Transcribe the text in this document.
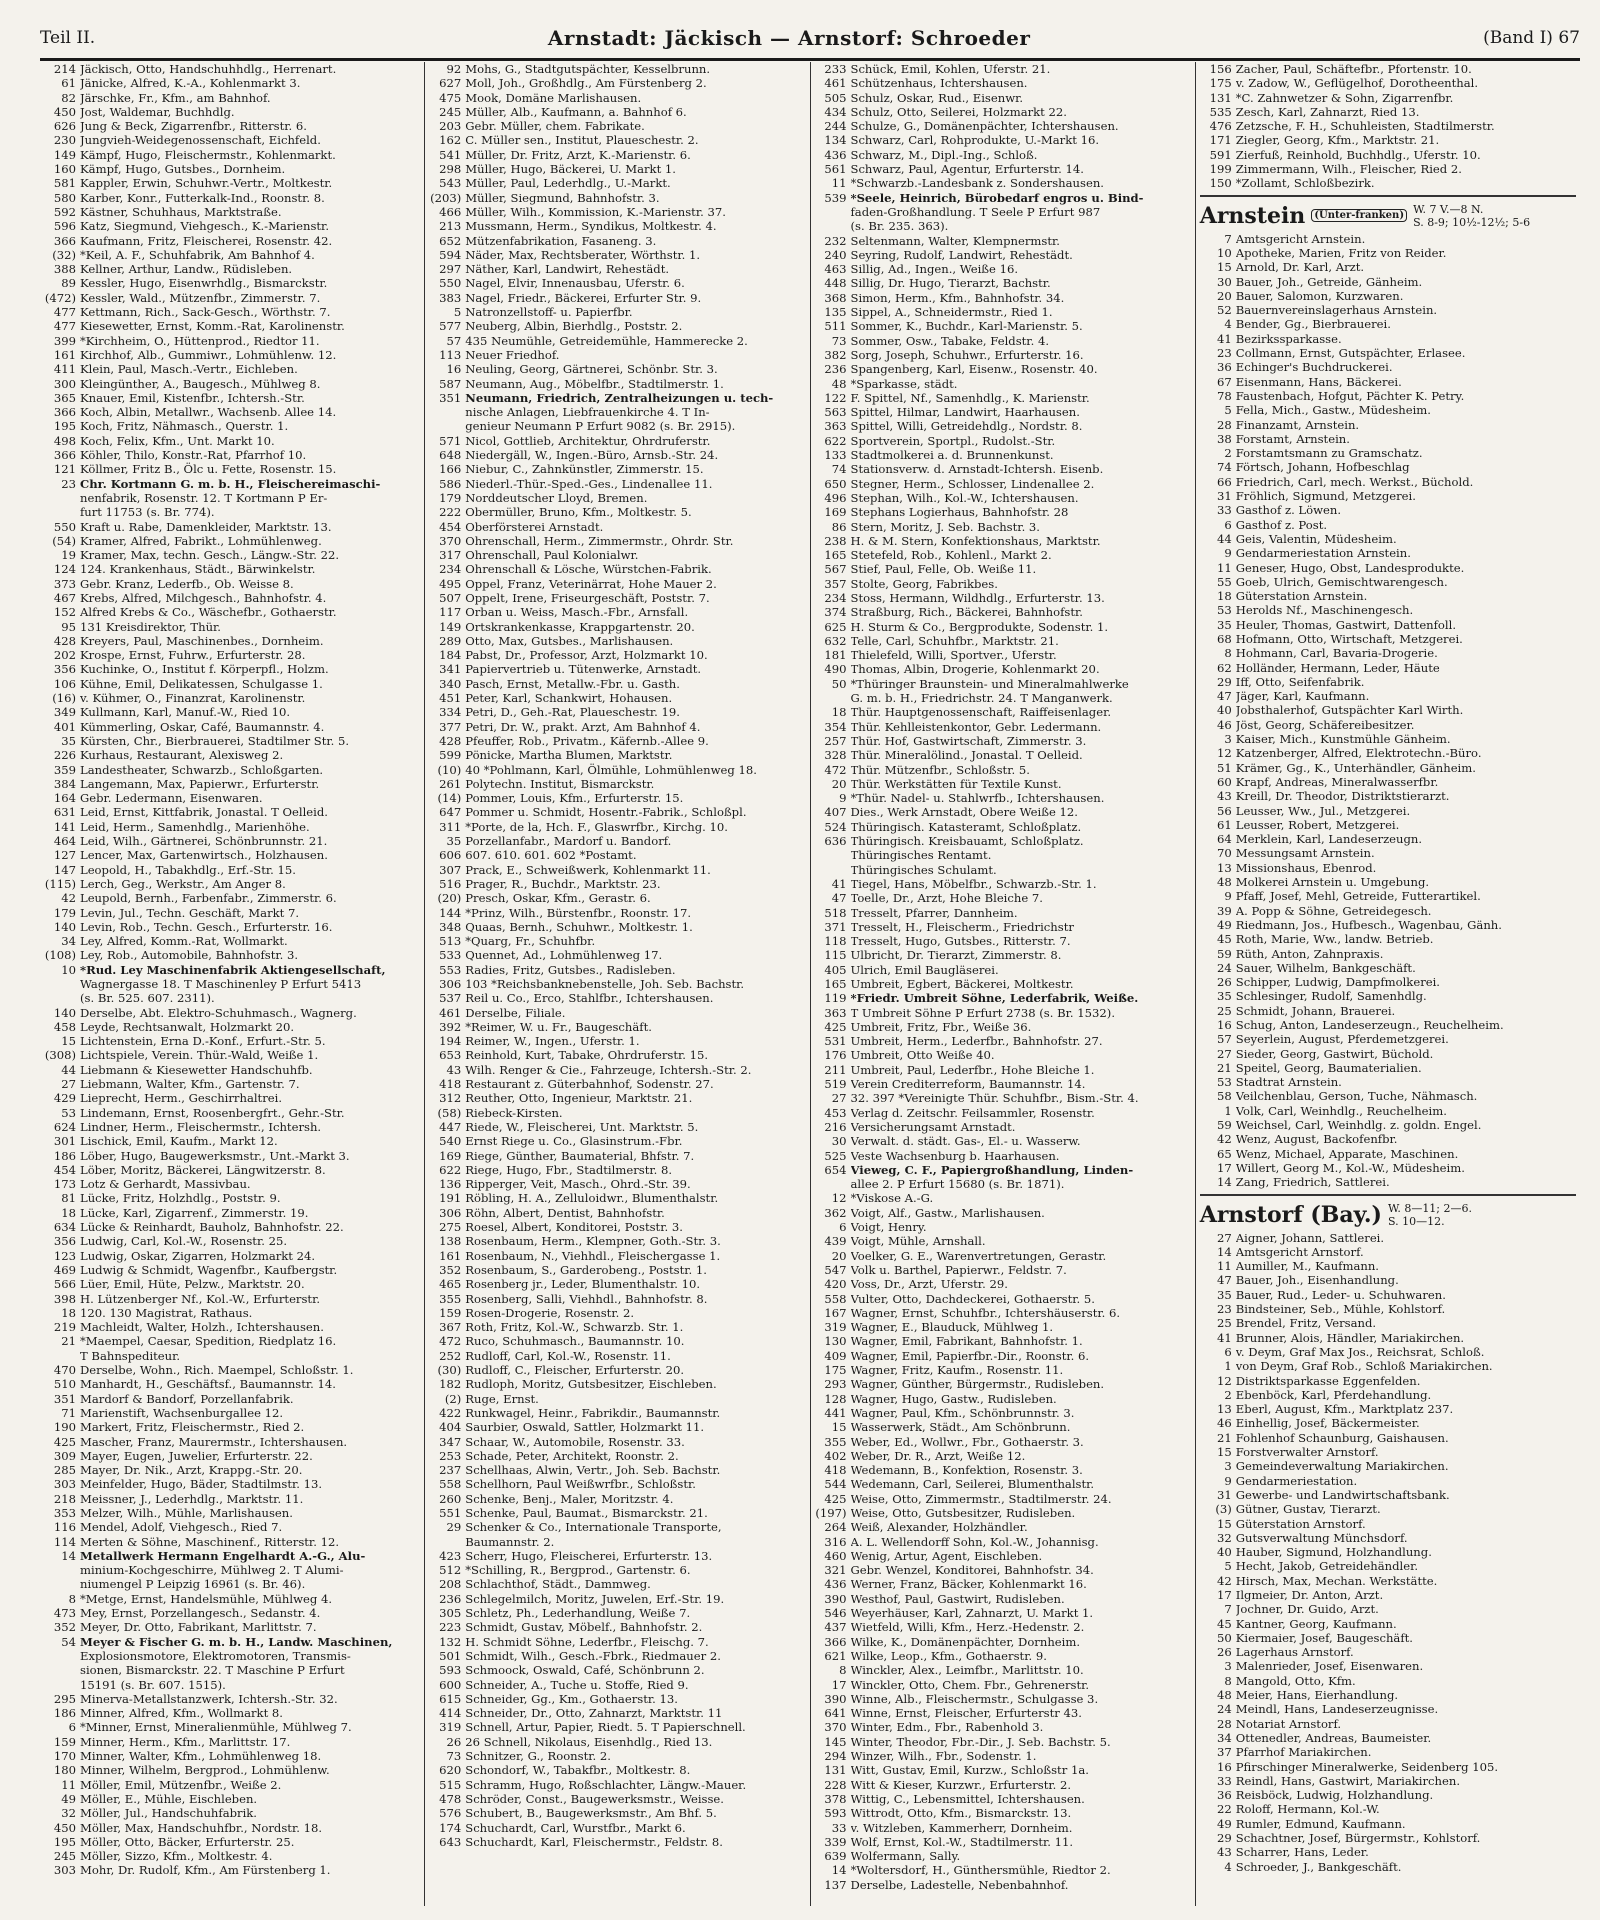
Teil II.	Arnstadt: Jäckisch — Arnstorf: Schroeder	(Band I) 67
214 Jäckisch, Otto, Handschuhhdlg., Herrenart.
61 Jänicke, Alfred, K.-A., Kohlenmarkt 3.
82 Järschke, Fr., Kfm., am Bahnhof.
450 Jost, Waldemar, Buchhdlg.
626 Jung & Beck, Zigarrenfbr., Ritterstr. 6.
230 Jungvieh-Weidegenossenschaft, Eichfeld.
149 Kämpf, Hugo, Fleischermstr., Kohlenmarkt.
160 Kämpf, Hugo, Gutsbes., Dornheim.
581 Kappler, Erwin, Schuhwr.-Vertr., Moltkestr.
580 Karber, Konr., Futterkalk-Ind., Roonstr. 8.
592 Kästner, Schuhhaus, Marktstraße.
596 Katz, Siegmund, Viehgesch., K.-Marienstr.
366 Kaufmann, Fritz, Fleischerei, Rosenstr. 42.
(32) *Keil, A. F., Schuhfabrik, Am Bahnhof 4.
388 Kellner, Arthur, Landw., Rüdisleben.
89 Kessler, Hugo, Eisenwrhdlg., Bismarckstr.
(472) Kessler, Wald., Mützenfbr., Zimmerstr. 7.
477 Kettmann, Rich., Sack-Gesch., Wörthstr. 7.
477 Kiesewetter, Ernst, Komm.-Rat, Karolinenstr.
399 *Kirchheim, O., Hüttenprod., Riedtor 11.
161 Kirchhof, Alb., Gummiwr., Lohmühlenw. 12.
411 Klein, Paul, Masch.-Vertr., Eichleben.
300 Kleingünther, A., Baugesch., Mühlweg 8.
365 Knauer, Emil, Kistenfbr., Ichtersh.-Str.
366 Koch, Albin, Metallwr., Wachsenb. Allee 14.
195 Koch, Fritz, Nähmasch., Querstr. 1.
498 Koch, Felix, Kfm., Unt. Markt 10.
366 Köhler, Thilo, Konstr.-Rat, Pfarrhof 10.
121 Köllmer, Fritz B., Ölc u. Fette, Rosenstr. 15.
23 Chr. Kortmann G. m. b. H., Fleischereimaschi-
nenfabrik, Rosenstr. 12. T Kortmann P Er-
furt 11753 (s. Br. 774).
550 Kraft u. Rabe, Damenkleider, Marktstr. 13.
(54) Kramer, Alfred, Fabrikt., Lohmühlenweg.
19 Kramer, Max, techn. Gesch., Längw.-Str. 22.
124 124. Krankenhaus, Städt., Bärwinkelstr.
373 Gebr. Kranz, Lederfb., Ob. Weisse 8.
467 Krebs, Alfred, Milchgesch., Bahnhofstr. 4.
152 Alfred Krebs & Co., Wäschefbr., Gothaerstr.
95 131 Kreisdirektor, Thür.
428 Kreyers, Paul, Maschinenbes., Dornheim.
202 Krospe, Ernst, Fuhrw., Erfurterstr. 28.
356 Kuchinke, O., Institut f. Körperpfl., Holzm.
106 Kühne, Emil, Delikatessen, Schulgasse 1.
(16) v. Kühmer, O., Finanzrat, Karolinenstr.
349 Kullmann, Karl, Manuf.-W., Ried 10.
401 Kümmerling, Oskar, Café, Baumannstr. 4.
35 Kürsten, Chr., Bierbrauerei, Stadtilmer Str. 5.
226 Kurhaus, Restaurant, Alexisweg 2.
359 Landestheater, Schwarzb., Schloßgarten.
384 Langemann, Max, Papierwr., Erfurterstr.
164 Gebr. Ledermann, Eisenwaren.
631 Leid, Ernst, Kittfabrik, Jonastal. T Oelleid.
141 Leid, Herm., Samenhdlg., Marienhöhe.
464 Leid, Wilh., Gärtnerei, Schönbrunnstr. 21.
127 Lencer, Max, Gartenwirtsch., Holzhausen.
147 Leopold, H., Tabakhdlg., Erf.-Str. 15.
(115) Lerch, Geg., Werkstr., Am Anger 8.
42 Leupold, Bernh., Farbenfabr., Zimmerstr. 6.
179 Levin, Jul., Techn. Geschäft, Markt 7.
140 Levin, Rob., Techn. Gesch., Erfurterstr. 16.
34 Ley, Alfred, Komm.-Rat, Wollmarkt.
(108) Ley, Rob., Automobile, Bahnhofstr. 3.
10 *Rud. Ley Maschinenfabrik Aktiengesellschaft,
Wagnergasse 18. T Maschinenley P Erfurt 5413
(s. Br. 525. 607. 2311).
140 Derselbe, Abt. Elektro-Schuhmasch., Wagnerg.
458 Leyde, Rechtsanwalt, Holzmarkt 20.
15 Lichtenstein, Erna D.-Konf., Erfurt.-Str. 5.
(308) Lichtspiele, Verein. Thür.-Wald, Weiße 1.
44 Liebmann & Kiesewetter Handschuhfb.
27 Liebmann, Walter, Kfm., Gartenstr. 7.
429 Lieprecht, Herm., Geschirrhaltrei.
53 Lindemann, Ernst, Roosenbergfrt., Gehr.-Str.
624 Lindner, Herm., Fleischermstr., Ichtersh.
301 Lischick, Emil, Kaufm., Markt 12.
186 Löber, Hugo, Baugewerksmstr., Unt.-Markt 3.
454 Löber, Moritz, Bäckerei, Längwitzerstr. 8.
173 Lotz & Gerhardt, Massivbau.
81 Lücke, Fritz, Holzhdlg., Poststr. 9.
18 Lücke, Karl, Zigarrenf., Zimmerstr. 19.
634 Lücke & Reinhardt, Bauholz, Bahnhofstr. 22.
356 Ludwig, Carl, Kol.-W., Rosenstr. 25.
123 Ludwig, Oskar, Zigarren, Holzmarkt 24.
469 Ludwig & Schmidt, Wagenfbr., Kaufbergstr.
566 Lüer, Emil, Hüte, Pelzw., Marktstr. 20.
398 H. Lützenberger Nf., Kol.-W., Erfurterstr.
18 120. 130 Magistrat, Rathaus.
219 Machleidt, Walter, Holzh., Ichtershausen.
21 *Maempel, Caesar, Spedition, Riedplatz 16.
T Bahnspediteur.
470 Derselbe, Wohn., Rich. Maempel, Schloßstr. 1.
510 Manhardt, H., Geschäftsf., Baumannstr. 14.
351 Mardorf & Bandorf, Porzellanfabrik.
71 Marienstift, Wachsenburgallee 12.
190 Markert, Fritz, Fleischermstr., Ried 2.
425 Mascher, Franz, Maurermstr., Ichtershausen.
309 Mayer, Eugen, Juwelier, Erfurterstr. 22.
285 Mayer, Dr. Nik., Arzt, Krappg.-Str. 20.
303 Meinfelder, Hugo, Bäder, Stadtilmstr. 13.
218 Meissner, J., Lederhdlg., Marktstr. 11.
353 Melzer, Wilh., Mühle, Marlishausen.
116 Mendel, Adolf, Viehgesch., Ried 7.
114 Merten & Söhne, Maschinenf., Ritterstr. 12.
14 Metallwerk Hermann Engelhardt A.-G., Alu-
minium-Kochgeschirre, Mühlweg 2. T Alumi-
niumengel P Leipzig 16961 (s. Br. 46).
8 *Metge, Ernst, Handelsmühle, Mühlweg 4.
473 Mey, Ernst, Porzellangesch., Sedanstr. 4.
352 Meyer, Dr. Otto, Fabrikant, Marlittstr. 7.
54 Meyer & Fischer G. m. b. H., Landw. Maschinen,
Explosionsmotore, Elektromotoren, Transmis-
sionen, Bismarckstr. 22. T Maschine P Erfurt
15191 (s. Br. 607. 1515).
295 Minerva-Metallstanzwerk, Ichtersh.-Str. 32.
186 Minner, Alfred, Kfm., Wollmarkt 8.
6 *Minner, Ernst, Mineralienmühle, Mühlweg 7.
159 Minner, Herm., Kfm., Marlittstr. 17.
170 Minner, Walter, Kfm., Lohmühlenweg 18.
180 Minner, Wilhelm, Bergprod., Lohmühlenw.
11 Möller, Emil, Mützenfbr., Weiße 2.
49 Möller, E., Mühle, Eischleben.
32 Möller, Jul., Handschuhfabrik.
450 Möller, Max, Handschuhfbr., Nordstr. 18.
195 Möller, Otto, Bäcker, Erfurterstr. 25.
245 Möller, Sizzo, Kfm., Moltkestr. 4.
303 Mohr, Dr. Rudolf, Kfm., Am Fürstenberg 1.
92 Mohs, G., Stadtgutspächter, Kesselbrunn.
627 Moll, Joh., Großhdlg., Am Fürstenberg 2.
475 Mook, Domäne Marlishausen.
245 Müller, Alb., Kaufmann, a. Bahnhof 6.
203 Gebr. Müller, chem. Fabrikate.
162 C. Müller sen., Institut, Plaueschestr. 2.
541 Müller, Dr. Fritz, Arzt, K.-Marienstr. 6.
298 Müller, Hugo, Bäckerei, U. Markt 1.
543 Müller, Paul, Lederhdlg., U.-Markt.
(203) Müller, Siegmund, Bahnhofstr. 3.
466 Müller, Wilh., Kommission, K.-Marienstr. 37.
213 Mussmann, Herm., Syndikus, Moltkestr. 4.
652 Mützenfabrikation, Fasaneng. 3.
594 Näder, Max, Rechtsberater, Wörthstr. 1.
297 Näther, Karl, Landwirt, Rehestädt.
550 Nagel, Elvir, Innenausbau, Uferstr. 6.
383 Nagel, Friedr., Bäckerei, Erfurter Str. 9.
5 Natronzellstoff- u. Papierfbr.
577 Neuberg, Albin, Bierhdlg., Poststr. 2.
57 435 Neumühle, Getreidemühle, Hammerecke 2.
113 Neuer Friedhof.
16 Neuling, Georg, Gärtnerei, Schönbr. Str. 3.
587 Neumann, Aug., Möbelfbr., Stadtilmerstr. 1.
351 Neumann, Friedrich, Zentralheizungen u. tech-
nische Anlagen, Liebfrauenkirche 4. T In-
genieur Neumann P Erfurt 9082 (s. Br. 2915).
571 Nicol, Gottlieb, Architektur, Ohrdruferstr.
648 Niedergäll, W., Ingen.-Büro, Arnsb.-Str. 24.
166 Niebur, C., Zahnkünstler, Zimmerstr. 15.
586 Niederl.-Thür.-Sped.-Ges., Lindenallee 11.
179 Norddeutscher Lloyd, Bremen.
222 Obermüller, Bruno, Kfm., Moltkestr. 5.
454 Oberförsterei Arnstadt.
370 Ohrenschall, Herm., Zimmermstr., Ohrdr. Str.
317 Ohrenschall, Paul Kolonialwr.
234 Ohrenschall & Lösche, Würstchen-Fabrik.
495 Oppel, Franz, Veterinärrat, Hohe Mauer 2.
507 Oppelt, Irene, Friseurgeschäft, Poststr. 7.
117 Orban u. Weiss, Masch.-Fbr., Arnsfall.
149 Ortskrankenkasse, Krappgartenstr. 20.
289 Otto, Max, Gutsbes., Marlishausen.
184 Pabst, Dr., Professor, Arzt, Holzmarkt 10.
341 Papiervertrieb u. Tütenwerke, Arnstadt.
340 Pasch, Ernst, Metallw.-Fbr. u. Gasth.
451 Peter, Karl, Schankwirt, Hohausen.
334 Petri, D., Geh.-Rat, Plaueschestr. 19.
377 Petri, Dr. W., prakt. Arzt, Am Bahnhof 4.
428 Pfeuffer, Rob., Privatm., Käfernb.-Allee 9.
599 Pönicke, Martha Blumen, Marktstr.
(10) 40 *Pohlmann, Karl, Ölmühle, Lohmühlenweg 18.
261 Polytechn. Institut, Bismarckstr.
(14) Pommer, Louis, Kfm., Erfurterstr. 15.
647 Pommer u. Schmidt, Hosentr.-Fabrik., Schloßpl.
311 *Porte, de la, Hch. F., Glaswrfbr., Kirchg. 10.
35 Porzellanfabr., Mardorf u. Bandorf.
606 607. 610. 601. 602 *Postamt.
307 Prack, E., Schweißwerk, Kohlenmarkt 11.
516 Prager, R., Buchdr., Marktstr. 23.
(20) Presch, Oskar, Kfm., Gerastr. 6.
144 *Prinz, Wilh., Bürstenfbr., Roonstr. 17.
348 Quaas, Bernh., Schuhwr., Moltkestr. 1.
513 *Quarg, Fr., Schuhfbr.
533 Quennet, Ad., Lohmühlenweg 17.
553 Radies, Fritz, Gutsbes., Radisleben.
306 103 *Reichsbanknebenstelle, Joh. Seb. Bachstr.
537 Reil u. Co., Erco, Stahlfbr., Ichtershausen.
461 Derselbe, Filiale.
392 *Reimer, W. u. Fr., Baugeschäft.
194 Reimer, W., Ingen., Uferstr. 1.
653 Reinhold, Kurt, Tabake, Ohrdruferstr. 15.
43 Wilh. Renger & Cie., Fahrzeuge, Ichtersh.-Str. 2.
418 Restaurant z. Güterbahnhof, Sodenstr. 27.
312 Reuther, Otto, Ingenieur, Marktstr. 21.
(58) Riebeck-Kirsten.
447 Riede, W., Fleischerei, Unt. Marktstr. 5.
540 Ernst Riege u. Co., Glasinstrum.-Fbr.
169 Riege, Günther, Baumaterial, Bhfstr. 7.
622 Riege, Hugo, Fbr., Stadtilmerstr. 8.
136 Ripperger, Veit, Masch., Ohrd.-Str. 39.
191 Röbling, H. A., Zelluloidwr., Blumenthalstr.
306 Röhn, Albert, Dentist, Bahnhofstr.
275 Roesel, Albert, Konditorei, Poststr. 3.
138 Rosenbaum, Herm., Klempner, Goth.-Str. 3.
161 Rosenbaum, N., Viehhdl., Fleischergasse 1.
352 Rosenbaum, S., Garderobeng., Poststr. 1.
465 Rosenberg jr., Leder, Blumenthalstr. 10.
355 Rosenberg, Salli, Viehhdl., Bahnhofstr. 8.
159 Rosen-Drogerie, Rosenstr. 2.
367 Roth, Fritz, Kol.-W., Schwarzb. Str. 1.
472 Ruco, Schuhmasch., Baumannstr. 10.
252 Rudloff, Carl, Kol.-W., Rosenstr. 11.
(30) Rudloff, C., Fleischer, Erfurterstr. 20.
182 Rudloph, Moritz, Gutsbesitzer, Eischleben.
(2) Ruge, Ernst.
422 Runkwagel, Heinr., Fabrikdir., Baumannstr.
404 Saurbier, Oswald, Sattler, Holzmarkt 11.
347 Schaar, W., Automobile, Rosenstr. 33.
253 Schade, Peter, Architekt, Roonstr. 2.
237 Schellhaas, Alwin, Vertr., Joh. Seb. Bachstr.
558 Schellhorn, Paul Weißwrfbr., Schloßstr.
260 Schenke, Benj., Maler, Moritzstr. 4.
551 Schenke, Paul, Baumat., Bismarckstr. 21.
29 Schenker & Co., Internationale Transporte,
Baumannstr. 2.
423 Scherr, Hugo, Fleischerei, Erfurterstr. 13.
512 *Schilling, R., Bergprod., Gartenstr. 6.
208 Schlachthof, Städt., Dammweg.
236 Schlegelmilch, Moritz, Juwelen, Erf.-Str. 19.
305 Schletz, Ph., Lederhandlung, Weiße 7.
223 Schmidt, Gustav, Möbelf., Bahnhofstr. 2.
132 H. Schmidt Söhne, Lederfbr., Fleischg. 7.
501 Schmidt, Wilh., Gesch.-Fbrk., Riedmauer 2.
593 Schmoock, Oswald, Café, Schönbrunn 2.
600 Schneider, A., Tuche u. Stoffe, Ried 9.
615 Schneider, Gg., Km., Gothaerstr. 13.
414 Schneider, Dr., Otto, Zahnarzt, Marktstr. 11
319 Schnell, Artur, Papier, Riedt. 5. T Papierschnell.
26 26 Schnell, Nikolaus, Eisenhdlg., Ried 13.
73 Schnitzer, G., Roonstr. 2.
620 Schondorf, W., Tabakfbr., Moltkestr. 8.
515 Schramm, Hugo, Roßschlachter, Längw.-Mauer.
478 Schröder, Const., Baugewerksmstr., Weisse.
576 Schubert, B., Baugewerksmstr., Am Bhf. 5.
174 Schuchardt, Carl, Wurstfbr., Markt 6.
643 Schuchardt, Karl, Fleischermstr., Feldstr. 8.
233 Schück, Emil, Kohlen, Uferstr. 21.
461 Schützenhaus, Ichtershausen.
505 Schulz, Oskar, Rud., Eisenwr.
434 Schulz, Otto, Seilerei, Holzmarkt 22.
244 Schulze, G., Domänenpächter, Ichtershausen.
134 Schwarz, Carl, Rohprodukte, U.-Markt 16.
436 Schwarz, M., Dipl.-Ing., Schloß.
561 Schwarz, Paul, Agentur, Erfurterstr. 14.
11 *Schwarzb.-Landesbank z. Sondershausen.
539 *Seele, Heinrich, Bürobedarf engros u. Bind-
faden-Großhandlung. T Seele P Erfurt 987
(s. Br. 235. 363).
232 Seltenmann, Walter, Klempnermstr.
240 Seyring, Rudolf, Landwirt, Rehestädt.
463 Sillig, Ad., Ingen., Weiße 16.
448 Sillig, Dr. Hugo, Tierarzt, Bachstr.
368 Simon, Herm., Kfm., Bahnhofstr. 34.
135 Sippel, A., Schneidermstr., Ried 1.
511 Sommer, K., Buchdr., Karl-Marienstr. 5.
73 Sommer, Osw., Tabake, Feldstr. 4.
382 Sorg, Joseph, Schuhwr., Erfurterstr. 16.
236 Spangenberg, Karl, Eisenw., Rosenstr. 40.
48 *Sparkasse, städt.
122 F. Spittel, Nf., Samenhdlg., K. Marienstr.
563 Spittel, Hilmar, Landwirt, Haarhausen.
363 Spittel, Willi, Getreidehdlg., Nordstr. 8.
622 Sportverein, Sportpl., Rudolst.-Str.
133 Stadtmolkerei a. d. Brunnenkunst.
74 Stationsverw. d. Arnstadt-Ichtersh. Eisenb.
650 Stegner, Herm., Schlosser, Lindenallee 2.
496 Stephan, Wilh., Kol.-W., Ichtershausen.
169 Stephans Logierhaus, Bahnhofstr. 28
86 Stern, Moritz, J. Seb. Bachstr. 3.
238 H. & M. Stern, Konfektionshaus, Marktstr.
165 Stetefeld, Rob., Kohlenl., Markt 2.
567 Stief, Paul, Felle, Ob. Weiße 11.
357 Stolte, Georg, Fabrikbes.
234 Stoss, Hermann, Wildhdlg., Erfurterstr. 13.
374 Straßburg, Rich., Bäckerei, Bahnhofstr.
625 H. Sturm & Co., Bergprodukte, Sodenstr. 1.
632 Telle, Carl, Schuhfbr., Marktstr. 21.
181 Thielefeld, Willi, Sportver., Uferstr.
490 Thomas, Albin, Drogerie, Kohlenmarkt 20.
50 *Thüringer Braunstein- und Mineralmahlwerke
G. m. b. H., Friedrichstr. 24. T Manganwerk.
18 Thür. Hauptgenossenschaft, Raiffeisenlager.
354 Thür. Kehlleistenkontor, Gebr. Ledermann.
257 Thür. Hof, Gastwirtschaft, Zimmerstr. 3.
328 Thür. Mineralölind., Jonastal. T Oelleid.
472 Thür. Mützenfbr., Schloßstr. 5.
20 Thür. Werkstätten für Textile Kunst.
9 *Thür. Nadel- u. Stahlwrfb., Ichtershausen.
407 Dies., Werk Arnstadt, Obere Weiße 12.
524 Thüringisch. Katasteramt, Schloßplatz.
636 Thüringisch. Kreisbauamt, Schloßplatz.
Thüringisches Rentamt.
Thüringisches Schulamt.
41 Tiegel, Hans, Möbelfbr., Schwarzb.-Str. 1.
47 Toelle, Dr., Arzt, Hohe Bleiche 7.
518 Tresselt, Pfarrer, Dannheim.
371 Tresselt, H., Fleischerm., Friedrichstr
118 Tresselt, Hugo, Gutsbes., Ritterstr. 7.
115 Ulbricht, Dr. Tierarzt, Zimmerstr. 8.
405 Ulrich, Emil Baugläserei.
165 Umbreit, Egbert, Bäckerei, Moltkestr.
119 *Friedr. Umbreit Söhne, Lederfabrik, Weiße.
363 T Umbreit Söhne P Erfurt 2738 (s. Br. 1532).
425 Umbreit, Fritz, Fbr., Weiße 36.
531 Umbreit, Herm., Lederfbr., Bahnhofstr. 27.
176 Umbreit, Otto Weiße 40.
211 Umbreit, Paul, Lederfbr., Hohe Bleiche 1.
519 Verein Crediterreform, Baumannstr. 14.
27 32. 397 *Vereinigte Thür. Schuhfbr., Bism.-Str. 4.
453 Verlag d. Zeitschr. Feilsammler, Rosenstr.
216 Versicherungsamt Arnstadt.
30 Verwalt. d. städt. Gas-, El.- u. Wasserw.
525 Veste Wachsenburg b. Haarhausen.
654 Vieweg, C. F., Papiergroßhandlung, Linden-
allee 2. P Erfurt 15680 (s. Br. 1871).
12 *Viskose A.-G.
362 Voigt, Alf., Gastw., Marlishausen.
6 Voigt, Henry.
439 Voigt, Mühle, Arnshall.
20 Voelker, G. E., Warenvertretungen, Gerastr.
547 Volk u. Barthel, Papierwr., Feldstr. 7.
420 Voss, Dr., Arzt, Uferstr. 29.
558 Vulter, Otto, Dachdeckerei, Gothaerstr. 5.
167 Wagner, Ernst, Schuhfbr., Ichtershäuserstr. 6.
319 Wagner, E., Blauduck, Mühlweg 1.
130 Wagner, Emil, Fabrikant, Bahnhofstr. 1.
409 Wagner, Emil, Papierfbr.-Dir., Roonstr. 6.
175 Wagner, Fritz, Kaufm., Rosenstr. 11.
293 Wagner, Günther, Bürgermstr., Rudisleben.
128 Wagner, Hugo, Gastw., Rudisleben.
441 Wagner, Paul, Kfm., Schönbrunnstr. 3.
15 Wasserwerk, Städt., Am Schönbrunn.
355 Weber, Ed., Wollwr., Fbr., Gothaerstr. 3.
402 Weber, Dr. R., Arzt, Weiße 12.
418 Wedemann, B., Konfektion, Rosenstr. 3.
544 Wedemann, Carl, Seilerei, Blumenthalstr.
425 Weise, Otto, Zimmermstr., Stadtilmerstr. 24.
(197) Weise, Otto, Gutsbesitzer, Rudisleben.
264 Weiß, Alexander, Holzhändler.
316 A. L. Wellendorff Sohn, Kol.-W., Johannisg.
460 Wenig, Artur, Agent, Eischleben.
321 Gebr. Wenzel, Konditorei, Bahnhofstr. 34.
436 Werner, Franz, Bäcker, Kohlenmarkt 16.
390 Westhof, Paul, Gastwirt, Rudisleben.
546 Weyerhäuser, Karl, Zahnarzt, U. Markt 1.
437 Wietfeld, Willi, Kfm., Herz.-Hedenstr. 2.
366 Wilke, K., Domänenpächter, Dornheim.
621 Wilke, Leop., Kfm., Gothaerstr. 9.
8 Winckler, Alex., Leimfbr., Marlittstr. 10.
17 Winckler, Otto, Chem. Fbr., Gehrenerstr.
390 Winne, Alb., Fleischermstr., Schulgasse 3.
641 Winne, Ernst, Fleischer, Erfurterstr 43.
370 Winter, Edm., Fbr., Rabenhold 3.
145 Winter, Theodor, Fbr.-Dir., J. Seb. Bachstr. 5.
294 Winzer, Wilh., Fbr., Sodenstr. 1.
131 Witt, Gustav, Emil, Kurzw., Schloßstr 1a.
228 Witt & Kieser, Kurzwr., Erfurterstr. 2.
378 Wittig, C., Lebensmittel, Ichtershausen.
593 Wittrodt, Otto, Kfm., Bismarckstr. 13.
33 v. Witzleben, Kammerherr, Dornheim.
339 Wolf, Ernst, Kol.-W., Stadtilmerstr. 11.
639 Wolfermann, Sally.
14 *Woltersdorf, H., Günthersmühle, Riedtor 2.
137 Derselbe, Ladestelle, Nebenbahnhof.
156 Zacher, Paul, Schäftefbr., Pfortenstr. 10.
175 v. Zadow, W., Geflügelhof, Dorotheenthal.
131 *C. Zahnwetzer & Sohn, Zigarrenfbr.
535 Zesch, Karl, Zahnarzt, Ried 13.
476 Zetzsche, F. H., Schuhleisten, Stadtilmerstr.
171 Ziegler, Georg, Kfm., Marktstr. 21.
591 Zierfuß, Reinhold, Buchhdlg., Uferstr. 10.
199 Zimmermann, Wilh., Fleischer, Ried 2.
150 *Zollamt, Schloßbezirk.
Arnstein (Unter-franken) W. 7 V.—8 N.
S. 8-9; 10½-12½; 5-6
7 Amtsgericht Arnstein.
10 Apotheke, Marien, Fritz von Reider.
15 Arnold, Dr. Karl, Arzt.
30 Bauer, Joh., Getreide, Gänheim.
20 Bauer, Salomon, Kurzwaren.
52 Bauernvereinslagerhaus Arnstein.
4 Bender, Gg., Bierbrauerei.
41 Bezirkssparkasse.
23 Collmann, Ernst, Gutspächter, Erlasee.
36 Echinger's Buchdruckerei.
67 Eisenmann, Hans, Bäckerei.
78 Faustenbach, Hofgut, Pächter K. Petry.
5 Fella, Mich., Gastw., Müdesheim.
28 Finanzamt, Arnstein.
38 Forstamt, Arnstein.
2 Forstamtsmann zu Gramschatz.
74 Förtsch, Johann, Hofbeschlag
66 Friedrich, Carl, mech. Werkst., Büchold.
31 Fröhlich, Sigmund, Metzgerei.
33 Gasthof z. Löwen.
6 Gasthof z. Post.
44 Geis, Valentin, Müdesheim.
9 Gendarmeriestation Arnstein.
11 Geneser, Hugo, Obst, Landesprodukte.
55 Goeb, Ulrich, Gemischtwarengesch.
18 Güterstation Arnstein.
53 Herolds Nf., Maschinengesch.
35 Heuler, Thomas, Gastwirt, Dattenfoll.
68 Hofmann, Otto, Wirtschaft, Metzgerei.
8 Hohmann, Carl, Bavaria-Drogerie.
62 Holländer, Hermann, Leder, Häute
29 Iff, Otto, Seifenfabrik.
47 Jäger, Karl, Kaufmann.
40 Jobsthalerhof, Gutspächter Karl Wirth.
46 Jöst, Georg, Schäfereibesitzer.
3 Kaiser, Mich., Kunstmühle Gänheim.
12 Katzenberger, Alfred, Elektrotechn.-Büro.
51 Krämer, Gg., K., Unterhändler, Gänheim.
60 Krapf, Andreas, Mineralwasserfbr.
43 Kreill, Dr. Theodor, Distriktstierarzt.
56 Leusser, Ww., Jul., Metzgerei.
61 Leusser, Robert, Metzgerei.
64 Merklein, Karl, Landeserzeugn.
70 Messungsamt Arnstein.
13 Missionshaus, Ebenrod.
48 Molkerei Arnstein u. Umgebung.
9 Pfaff, Josef, Mehl, Getreide, Futterartikel.
39 A. Popp & Söhne, Getreidegesch.
49 Riedmann, Jos., Hufbesch., Wagenbau, Gänh.
45 Roth, Marie, Ww., landw. Betrieb.
59 Rüth, Anton, Zahnpraxis.
24 Sauer, Wilhelm, Bankgeschäft.
26 Schipper, Ludwig, Dampfmolkerei.
35 Schlesinger, Rudolf, Samenhdlg.
25 Schmidt, Johann, Brauerei.
16 Schug, Anton, Landeserzeugn., Reuchelheim.
57 Seyerlein, August, Pferdemetzgerei.
27 Sieder, Georg, Gastwirt, Büchold.
21 Speitel, Georg, Baumaterialien.
53 Stadtrat Arnstein.
58 Veilchenblau, Gerson, Tuche, Nähmasch.
1 Volk, Carl, Weinhdlg., Reuchelheim.
59 Weichsel, Carl, Weinhdlg. z. goldn. Engel.
42 Wenz, August, Backofenfbr.
65 Wenz, Michael, Apparate, Maschinen.
17 Willert, Georg M., Kol.-W., Müdesheim.
14 Zang, Friedrich, Sattlerei.
Arnstorf (Bay.) W. 8—11; 2—6.
S. 10—12.
27 Aigner, Johann, Sattlerei.
14 Amtsgericht Arnstorf.
11 Aumiller, M., Kaufmann.
47 Bauer, Joh., Eisenhandlung.
35 Bauer, Rud., Leder- u. Schuhwaren.
23 Bindsteiner, Seb., Mühle, Kohlstorf.
25 Brendel, Fritz, Versand.
41 Brunner, Alois, Händler, Mariakirchen.
6 v. Deym, Graf Max Jos., Reichsrat, Schloß.
1 von Deym, Graf Rob., Schloß Mariakirchen.
12 Distriktsparkasse Eggenfelden.
2 Ebenböck, Karl, Pferdehandlung.
13 Eberl, August, Kfm., Marktplatz 237.
46 Einhellig, Josef, Bäckermeister.
21 Fohlenhof Schaunburg, Gaishausen.
15 Forstverwalter Arnstorf.
3 Gemeindeverwaltung Mariakirchen.
9 Gendarmeriestation.
31 Gewerbe- und Landwirtschaftsbank.
(3) Gütner, Gustav, Tierarzt.
15 Güterstation Arnstorf.
32 Gutsverwaltung Münchsdorf.
40 Hauber, Sigmund, Holzhandlung.
5 Hecht, Jakob, Getreidehändler.
42 Hirsch, Max, Mechan. Werkstätte.
17 Ilgmeier, Dr. Anton, Arzt.
7 Jochner, Dr. Guido, Arzt.
45 Kantner, Georg, Kaufmann.
50 Kiermaier, Josef, Baugeschäft.
26 Lagerhaus Arnstorf.
3 Malenrieder, Josef, Eisenwaren.
8 Mangold, Otto, Kfm.
48 Meier, Hans, Eierhandlung.
24 Meindl, Hans, Landeserzeugnisse.
28 Notariat Arnstorf.
34 Ottenedler, Andreas, Baumeister.
37 Pfarrhof Mariakirchen.
16 Pfirschinger Mineralwerke, Seidenberg 105.
33 Reindl, Hans, Gastwirt, Mariakirchen.
36 Reisböck, Ludwig, Holzhandlung.
22 Roloff, Hermann, Kol.-W.
49 Rumler, Edmund, Kaufmann.
29 Schachtner, Josef, Bürgermstr., Kohlstorf.
43 Scharrer, Hans, Leder.
4 Schroeder, J., Bankgeschäft.
